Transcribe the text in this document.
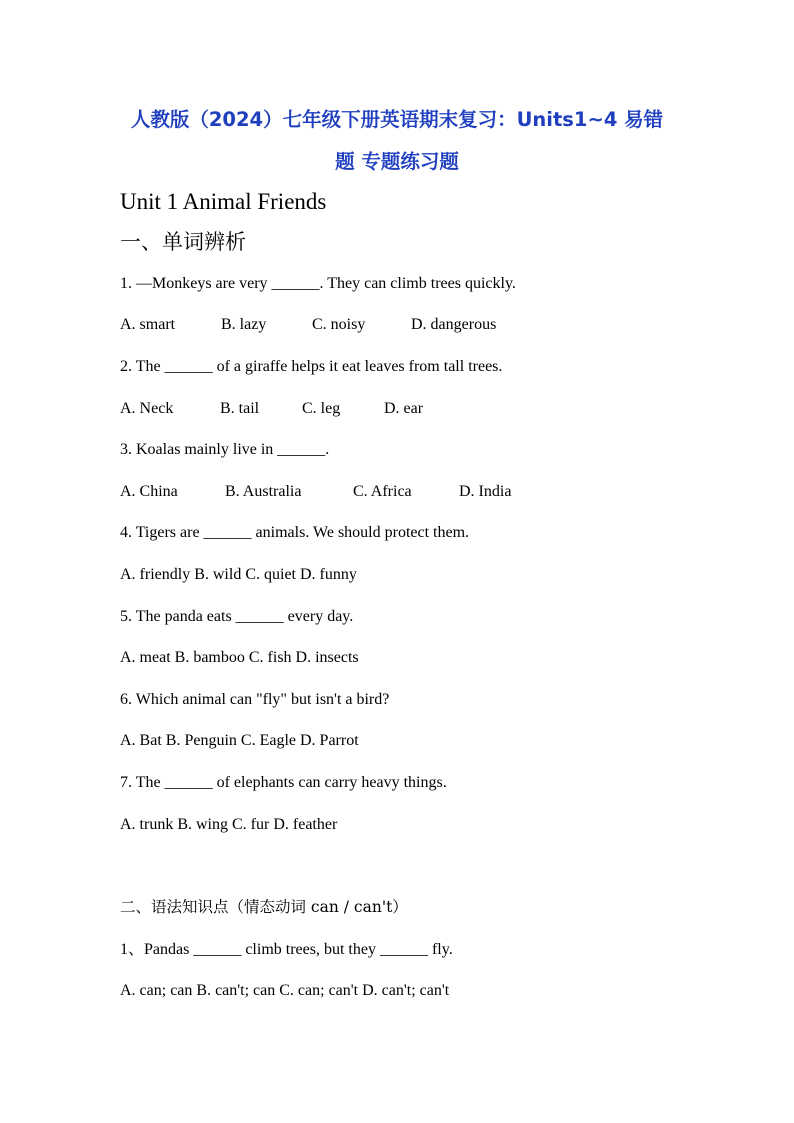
人教版（2024）七年级下册英语期末复习：Units1~4 易错
题 专题练习题
Unit 1 Animal Friends
一、单词辨析
1. —Monkeys are very ______. They can climb trees quickly.
A. smart	B. lazy	C. noisy	D. dangerous
2. The ______ of a giraffe helps it eat leaves from tall trees.
A. Neck	B. tail	C. leg	D. ear
3. Koalas mainly live in ______.
A. China	B. Australia	C. Africa	D. India
4. Tigers are ______ animals. We should protect them.
A. friendly B. wild C. quiet D. funny
5. The panda eats ______ every day.
A. meat B. bamboo C. fish D. insects
6. Which animal can "fly" but isn't a bird?
A. Bat B. Penguin C. Eagle D. Parrot
7. The ______ of elephants can carry heavy things.
A. trunk B. wing C. fur D. feather
二、语法知识点（情态动词 can / can't）
1、Pandas ______ climb trees, but they ______ fly.
A. can; can B. can't; can C. can; can't D. can't; can't
